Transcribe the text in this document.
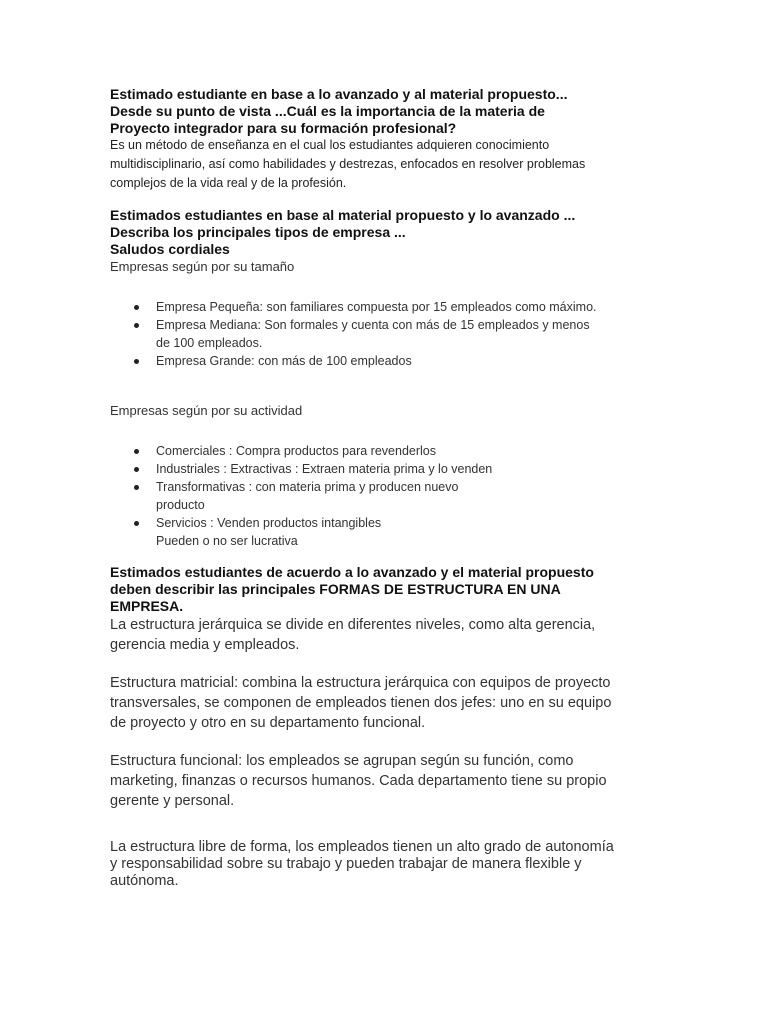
Estimado estudiante en base a lo avanzado y al material propuesto...
Desde su punto de vista ...Cuál es la importancia de la materia de
Proyecto integrador para su formación profesional?
Es un método de enseñanza en el cual los estudiantes adquieren conocimiento
multidisciplinario, así como habilidades y destrezas, enfocados en resolver problemas
complejos de la vida real y de la profesión.
Estimados estudiantes en base al material propuesto y lo avanzado ...
Describa los principales tipos de empresa ...
Saludos cordiales

Empresas según por su tamaño

Empresa Pequeña: son familiares compuesta por 15 empleados como máximo.
Empresa Mediana: Son formales y cuenta con más de 15 empleados y menos
de 100 empleados.
Empresa Grande: con más de 100 empleados

Empresas según por su actividad

Comerciales : Compra productos para revenderlos
Industriales : Extractivas : Extraen materia prima y lo venden
Transformativas : con materia prima y producen nuevo
producto
Servicios : Venden productos intangibles
Pueden o no ser lucrativa
Estimados estudiantes de acuerdo a lo avanzado y el material propuesto
deben describir las principales FORMAS DE ESTRUCTURA EN UNA
EMPRESA.

La estructura jerárquica se divide en diferentes niveles, como alta gerencia,
gerencia media y empleados.

Estructura matricial: combina la estructura jerárquica con equipos de proyecto
transversales, se componen de empleados tienen dos jefes: uno en su equipo
de proyecto y otro en su departamento funcional.

Estructura funcional: los empleados se agrupan según su función, como
marketing, finanzas o recursos humanos. Cada departamento tiene su propio
gerente y personal.

La estructura libre de forma, los empleados tienen un alto grado de autonomía
y responsabilidad sobre su trabajo y pueden trabajar de manera flexible y
autónoma.
